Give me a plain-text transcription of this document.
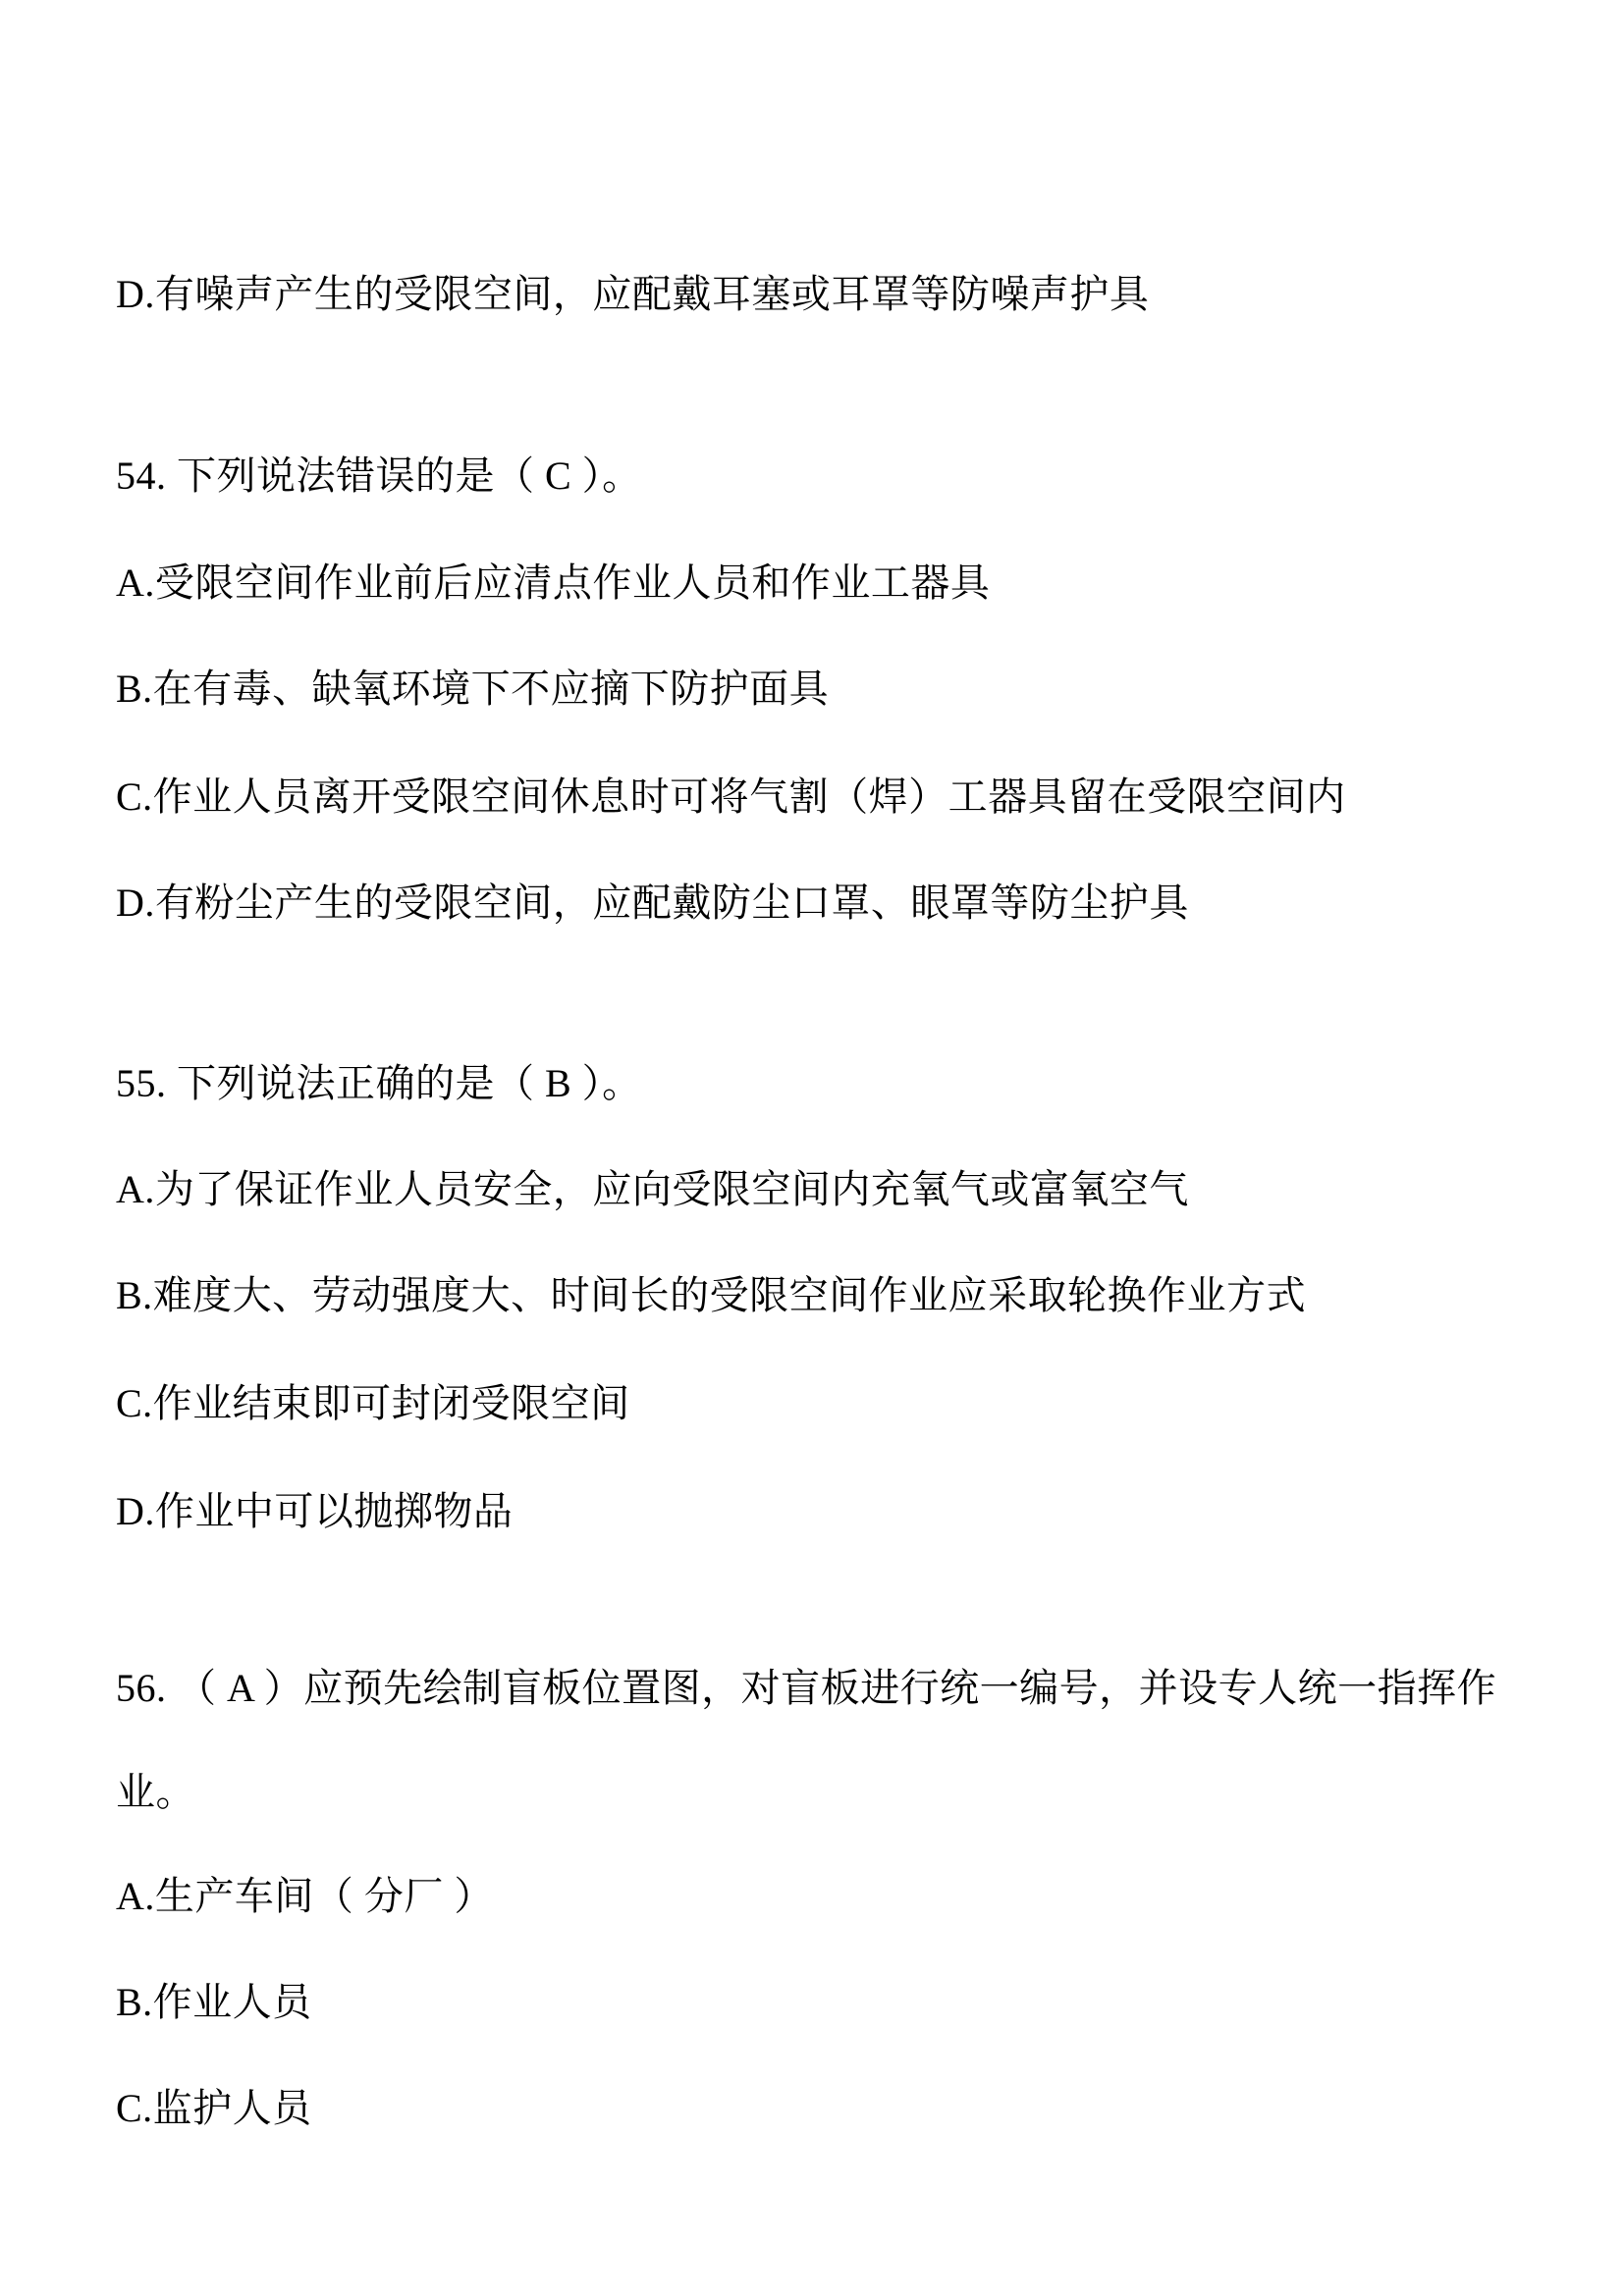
D.有噪声产生的受限空间，应配戴耳塞或耳罩等防噪声护具
54. 下列说法错误的是（ C ）。
A.受限空间作业前后应清点作业人员和作业工器具
B.在有毒、缺氧环境下不应摘下防护面具
C.作业人员离开受限空间休息时可将气割（焊）工器具留在受限空间内
D.有粉尘产生的受限空间，应配戴防尘口罩、眼罩等防尘护具
55. 下列说法正确的是（ B ）。
A.为了保证作业人员安全，应向受限空间内充氧气或富氧空气
B.难度大、劳动强度大、时间长的受限空间作业应采取轮换作业方式
C.作业结束即可封闭受限空间
D.作业中可以抛掷物品
56. （ A ）应预先绘制盲板位置图，对盲板进行统一编号，并设专人统一指挥作
业。
A.生产车间（ 分厂 ）
B.作业人员
C.监护人员
